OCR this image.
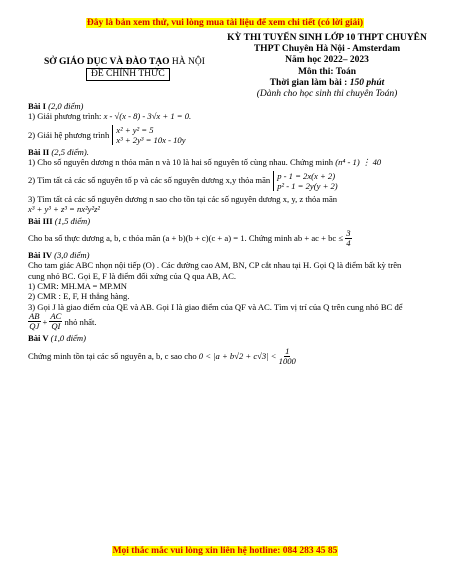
Đây là bản xem thử, vui lòng mua tài liệu để xem chi tiết (có lời giải)
SỞ GIÁO DỤC VÀ ĐÀO TẠO HÀ NỘI
ĐỀ CHÍNH THỨC
KỲ THI TUYỂN SINH LỚP 10 THPT CHUYÊN
THPT Chuyên Hà Nội - Amsterdam
Năm học 2022– 2023
Môn thi: Toán
Thời gian làm bài : 150 phút
(Dành cho học sinh thi chuyên Toán)

Bài I (2,0 điểm)

1) Giải phương trình: x - √(x - 8) - 3√x + 1 = 0.

2) Giải hệ phương trình x² + y² = 5
x³ + 2y³ = 10x - 10y

Bài II (2,5 điểm).

1) Cho số nguyên dương n thỏa mãn n và 10 là hai số nguyên tố cùng nhau. Chứng minh (n⁴ - 1) ⋮ 40

2) Tìm tất cả các số nguyên tố p và các số nguyên dương x,y thỏa mãn p - 1 = 2x(x + 2)
p² - 1 = 2y(y + 2)

3) Tìm tất cả các số nguyên dương n sao cho tồn tại các số nguyên dương x, y, z thỏa mãn

x³ + y³ + z³ = nx²y²z²

Bài III (1,5 điểm)

Cho ba số thực dương a, b, c thỏa mãn (a + b)(b + c)(c + a) = 1. Chứng minh ab + ac + bc ≤
$\frac{3}{4}$

Bài IV (3,0 điểm)

Cho tam giác ABC nhọn nội tiếp (O) . Các đường cao AM, BN, CP cắt nhau tại H. Gọi Q là điểm bất kỳ trên

cung nhỏ BC. Gọi E, F là điểm đối xứng của Q qua AB, AC.

1) CMR: MH.MA = MP.MN

2) CMR : E, F, H thẳng hàng.

3) Gọi J là giao điểm của QE và AB. Gọi I là giao điểm của QF và AC. Tìm vị trí của Q trên cung nhỏ BC để

$\frac{AB}{QJ} + \frac{AC}{QI}$
nhỏ nhất.

Bài V (1,0 điểm)

Chứng minh tồn tại các số nguyên a, b, c sao cho
0 < |a + b√2 + c√3| <
$\frac{1}{1000}$
Mọi thắc mắc vui lòng xin liên hệ hotline: 084 283 45 85
